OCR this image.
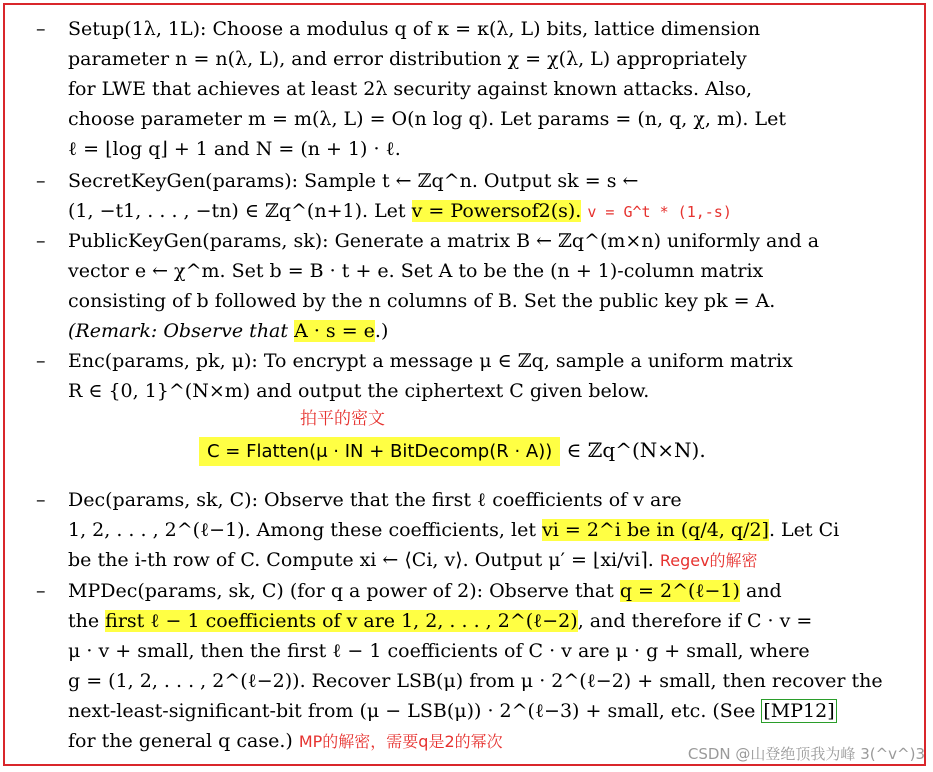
– Setup(1λ, 1L): Choose a modulus q of κ = κ(λ, L) bits, lattice dimension
parameter n = n(λ, L), and error distribution χ = χ(λ, L) appropriately
for LWE that achieves at least 2λ security against known attacks. Also,
choose parameter m = m(λ, L) = O(n log q). Let params = (n, q, χ, m). Let
ℓ = ⌊log q⌋ + 1 and N = (n + 1) · ℓ.
– SecretKeyGen(params): Sample t ← ℤq^n. Output sk = s ←
(1, −t1, . . . , −tn) ∈ ℤq^(n+1). Let v = Powersof2(s). v = G^t * (1,-s)
– PublicKeyGen(params, sk): Generate a matrix B ← ℤq^(m×n) uniformly and a
vector e ← χ^m. Set b = B · t + e. Set A to be the (n + 1)-column matrix
consisting of b followed by the n columns of B. Set the public key pk = A.
(Remark: Observe that A · s = e.)
– Enc(params, pk, μ): To encrypt a message μ ∈ ℤq, sample a uniform matrix
R ∈ {0, 1}^(N×m) and output the ciphertext C given below.
拍平的密文
C = Flatten(μ · IN + BitDecomp(R · A)) ∈ ℤq^(N×N).
– Dec(params, sk, C): Observe that the first ℓ coefficients of v are
1, 2, . . . , 2^(ℓ−1). Among these coefficients, let vi = 2^i be in (q/4, q/2]. Let Ci
be the i-th row of C. Compute xi ← ⟨Ci, v⟩. Output μ′ = ⌊xi/vi⌉. Regev的解密
– MPDec(params, sk, C) (for q a power of 2): Observe that q = 2^(ℓ−1) and
the first ℓ − 1 coefficients of v are 1, 2, . . . , 2^(ℓ−2), and therefore if C · v =
μ · v + small, then the first ℓ − 1 coefficients of C · v are μ · g + small, where
g = (1, 2, . . . , 2^(ℓ−2)). Recover LSB(μ) from μ · 2^(ℓ−2) + small, then recover the
next-least-significant-bit from (μ − LSB(μ)) · 2^(ℓ−3) + small, etc. (See [MP12]
for the general q case.) MP的解密，需要q是2的幂次
CSDN @山登绝顶我为峰 3(^v^)3
